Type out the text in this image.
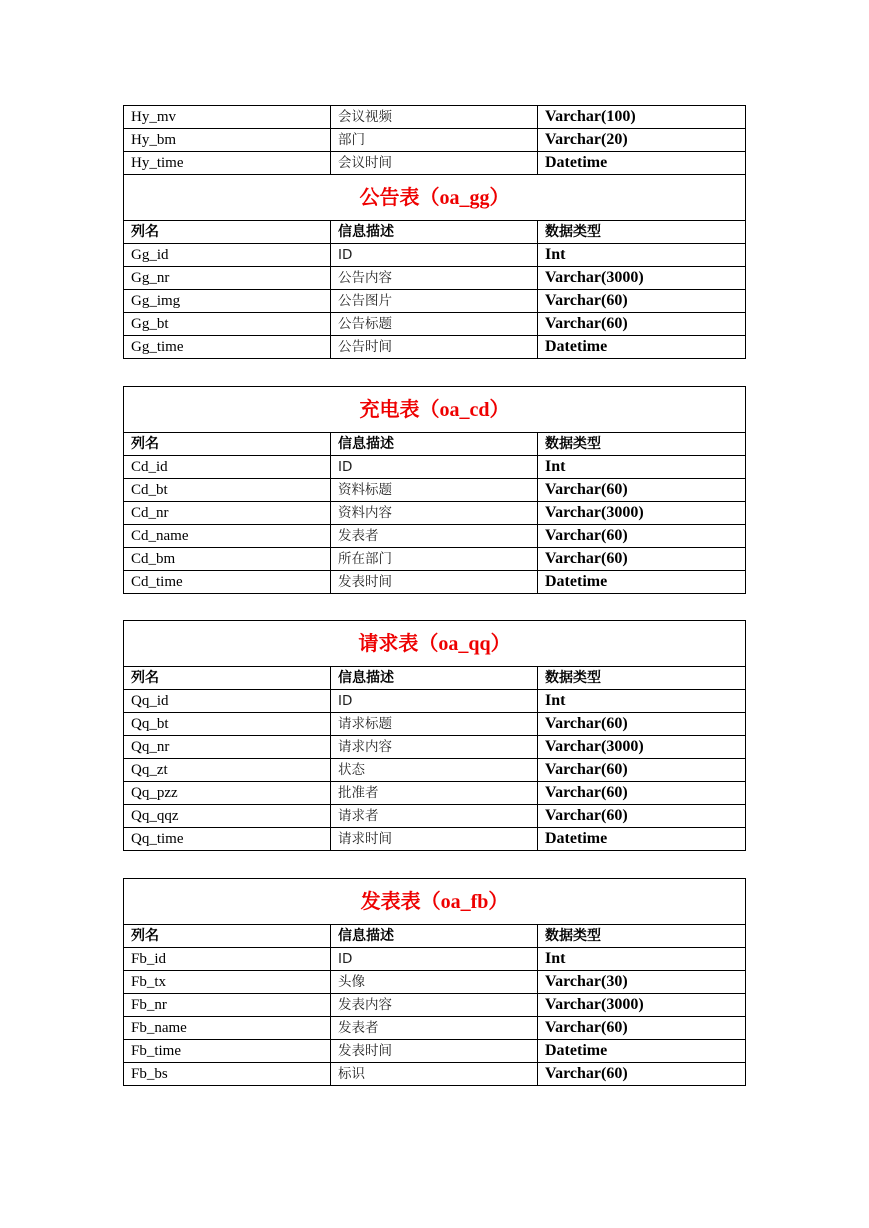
Hy_mv	会议视频	Varchar(100)
Hy_bm	部门	Varchar(20)
Hy_time	会议时间	Datetime
公告表（oa_gg）		
列名	信息描述	数据类型
Gg_id	ID	Int
Gg_nr	公告内容	Varchar(3000)
Gg_img	公告图片	Varchar(60)
Gg_bt	公告标题	Varchar(60)
Gg_time	公告时间	Datetime
充电表（oa_cd）		
列名	信息描述	数据类型
Cd_id	ID	Int
Cd_bt	资料标题	Varchar(60)
Cd_nr	资料内容	Varchar(3000)
Cd_name	发表者	Varchar(60)
Cd_bm	所在部门	Varchar(60)
Cd_time	发表时间	Datetime
请求表（oa_qq）		
列名	信息描述	数据类型
Qq_id	ID	Int
Qq_bt	请求标题	Varchar(60)
Qq_nr	请求内容	Varchar(3000)
Qq_zt	状态	Varchar(60)
Qq_pzz	批准者	Varchar(60)
Qq_qqz	请求者	Varchar(60)
Qq_time	请求时间	Datetime
发表表（oa_fb）		
列名	信息描述	数据类型
Fb_id	ID	Int
Fb_tx	头像	Varchar(30)
Fb_nr	发表内容	Varchar(3000)
Fb_name	发表者	Varchar(60)
Fb_time	发表时间	Datetime
Fb_bs	标识	Varchar(60)
